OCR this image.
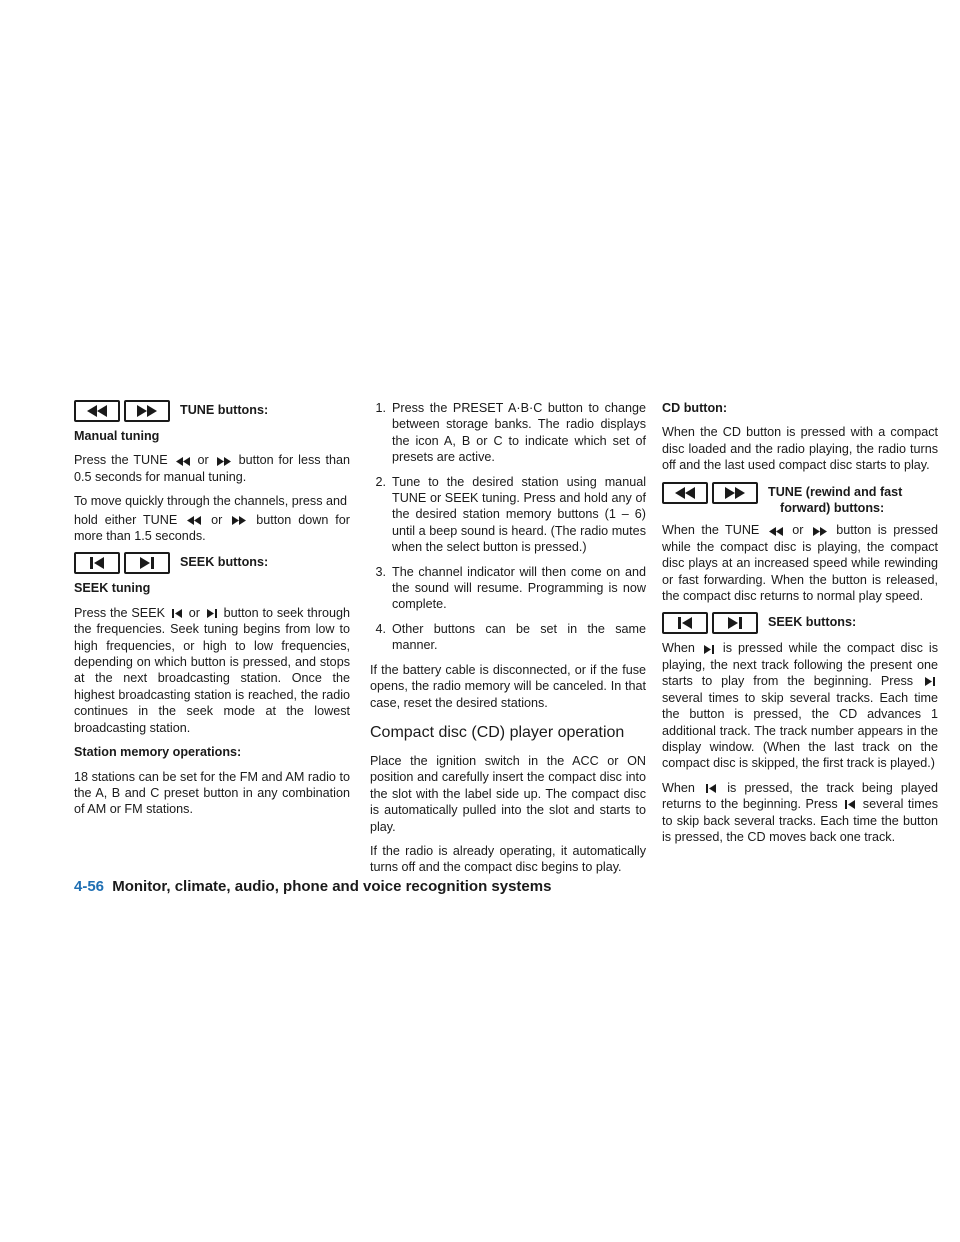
TUNE buttons:
Manual tuning

Press the TUNE or button for less than 0.5 seconds for manual tuning.

To move quickly through the channels, press and

hold either TUNE	or	button down for more than 1.5 seconds.

SEEK buttons:
SEEK tuning

Press the SEEK or button to seek through the frequencies. Seek tuning begins from low to high frequencies, or high to low frequencies, depending on which button is pressed, and stops at the next broadcasting station. Once the highest broadcasting station is reached, the radio continues in the seek mode at the lowest broadcasting station.

Station memory operations:

18 stations can be set for the FM and AM radio to the A, B and C preset button in any combination of AM or FM stations.

1. Press the PRESET A·B·C button to change between storage banks. The radio displays the icon A, B or C to indicate which set of presets are active.
2. Tune to the desired station using manual TUNE or SEEK tuning. Press and hold any of the desired station memory buttons (1 – 6) until a beep sound is heard. (The radio mutes when the select button is pressed.)
3. The channel indicator will then come on and the sound will resume. Programming is now complete.
4. Other buttons can be set in the same manner.

If the battery cable is disconnected, or if the fuse opens, the radio memory will be canceled. In that case, reset the desired stations.

Compact disc (CD) player operation

Place the ignition switch in the ACC or ON position and carefully insert the compact disc into the slot with the label side up. The compact disc is automatically pulled into the slot and starts to play.

If the radio is already operating, it automatically turns off and the compact disc begins to play.

CD button:

When the CD button is pressed with a compact disc loaded and the radio playing, the radio turns off and the last used compact disc starts to play.

TUNE (rewind and fast
forward) buttons:

When the TUNE	or	button is pressed while the compact disc is playing, the compact disc plays at an increased speed while rewinding or fast forwarding. When the button is released, the compact disc returns to normal play speed.

SEEK buttons:

When is pressed while the compact disc is playing, the next track following the present one starts to play from the beginning. Press  several times to skip several tracks. Each time the button is pressed, the CD advances 1 additional track. The track number appears in the display window. (When the last track on the compact disc is skipped, the first track is played.)

When	is pressed, the track being played returns to the beginning. Press several times to skip back several tracks. Each time the button is pressed, the CD moves back one track.

4-56 Monitor, climate, audio, phone and voice recognition systems
